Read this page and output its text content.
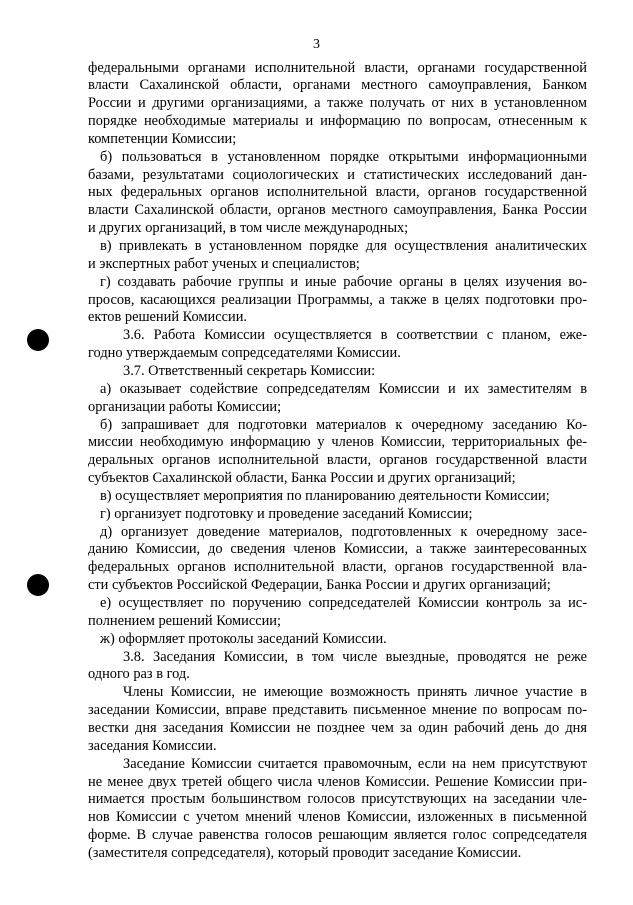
3
федеральными органами исполнительной власти, органами государственной
власти Сахалинской области, органами местного самоуправления, Банком
России и другими организациями, а также получать от них в установленном
порядке необходимые материалы и информацию по вопросам, отнесенным к
компетенции Комиссии;
б) пользоваться в установленном порядке открытыми информационными
базами, результатами социологических и статистических исследований дан-
ных федеральных органов исполнительной власти, органов государственной
власти Сахалинской области, органов местного самоуправления, Банка России
и других организаций, в том числе международных;
в) привлекать в установленном порядке для осуществления аналитических
и экспертных работ ученых и специалистов;
г) создавать рабочие группы и иные рабочие органы в целях изучения во-
просов, касающихся реализации Программы, а также в целях подготовки про-
ектов решений Комиссии.
3.6. Работа Комиссии осуществляется в соответствии с планом, еже-
годно утверждаемым сопредседателями Комиссии.
3.7. Ответственный секретарь Комиссии:
а) оказывает содействие сопредседателям Комиссии и их заместителям в
организации работы Комиссии;
б) запрашивает для подготовки материалов к очередному заседанию Ко-
миссии необходимую информацию у членов Комиссии, территориальных фе-
деральных органов исполнительной власти, органов государственной власти
субъектов Сахалинской области, Банка России и других организаций;
в) осуществляет мероприятия по планированию деятельности Комиссии;
г) организует подготовку и проведение заседаний Комиссии;
д) организует доведение материалов, подготовленных к очередному засе-
данию Комиссии, до сведения членов Комиссии, а также заинтересованных
федеральных органов исполнительной власти, органов государственной вла-
сти субъектов Российской Федерации, Банка России и других организаций;
е) осуществляет по поручению сопредседателей Комиссии контроль за ис-
полнением решений Комиссии;
ж) оформляет протоколы заседаний Комиссии.
3.8. Заседания Комиссии, в том числе выездные, проводятся не реже
одного раз в год.
Члены Комиссии, не имеющие возможность принять личное участие в
заседании Комиссии, вправе представить письменное мнение по вопросам по-
вестки дня заседания Комиссии не позднее чем за один рабочий день до дня
заседания Комиссии.
Заседание Комиссии считается правомочным, если на нем присутствуют
не менее двух третей общего числа членов Комиссии. Решение Комиссии при-
нимается простым большинством голосов присутствующих на заседании чле-
нов Комиссии с учетом мнений членов Комиссии, изложенных в письменной
форме. В случае равенства голосов решающим является голос сопредседателя
(заместителя сопредседателя), который проводит заседание Комиссии.
